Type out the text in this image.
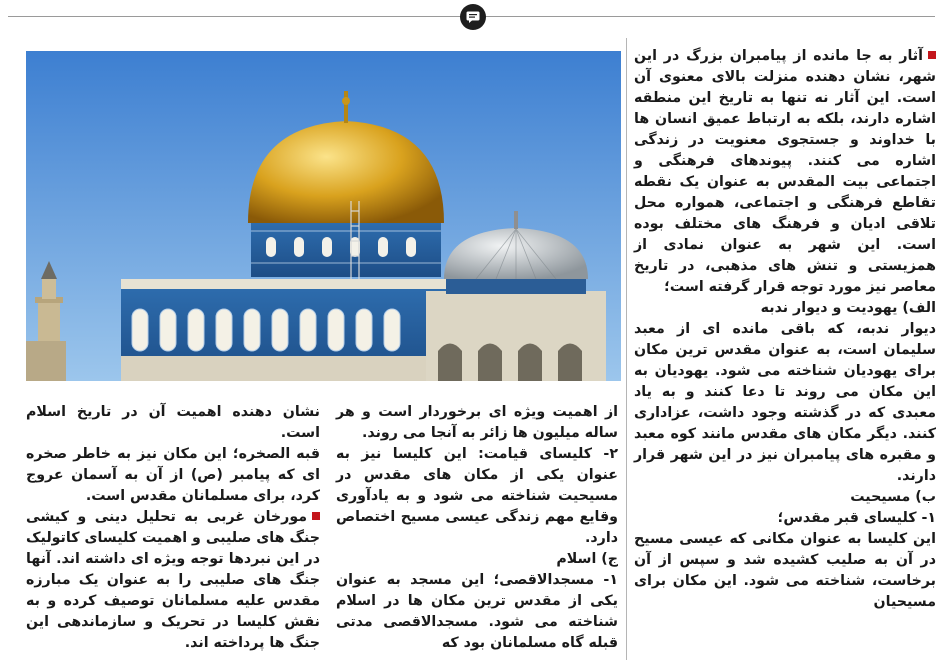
آثار به جا مانده از پیامبران بزرگ در این شهر، نشان دهنده منزلت بالای معنوی آن است. این آثار نه تنها به تاریخ این منطقه اشاره دارند، بلکه به ارتباط عمیق انسان ها با خداوند و جستجوی معنویت در زندگی اشاره می کنند. پیوندهای فرهنگی و اجتماعی بیت المقدس به عنوان یک نقطه تقاطع فرهنگی و اجتماعی، همواره محل تلاقی ادیان و فرهنگ های مختلف بوده است. این شهر به عنوان نمادی از همزیستی و تنش های مذهبی، در تاریخ معاصر نیز مورد توجه قرار گرفته است؛

الف) یهودیت و دیوار ندبه

دیوار ندبه، که باقی مانده ای از معبد سلیمان است، به عنوان مقدس ترین مکان برای یهودیان شناخته می شود. یهودیان به این مکان می روند تا دعا کنند و به یاد معبدی که در گذشته وجود داشت، عزاداری کنند. دیگر مکان های مقدس مانند کوه معبد و مقبره های پیامبران نیز در این شهر قرار دارند.

ب) مسیحیت

۱- کلیسای قبر مقدس؛

این کلیسا به عنوان مکانی که عیسی مسیح در آن به صلیب کشیده شد و سپس از آن برخاست، شناخته می شود. این مکان برای مسیحیان

از اهمیت ویژه ای برخوردار است و هر ساله میلیون ها زائر به آنجا می روند.

۲- کلیسای قیامت: این کلیسا نیز به عنوان یکی از مکان های مقدس در مسیحیت شناخته می شود و به یادآوری وقایع مهم زندگی عیسی مسیح اختصاص دارد.

ج) اسلام

۱- مسجدالاقصی؛ این مسجد به عنوان یکی از مقدس ترین مکان ها در اسلام شناخته می شود. مسجدالاقصی مدتی قبله گاه مسلمانان بود که

نشان دهنده اهمیت آن در تاریخ اسلام است.

قبه الصخره؛ این مکان نیز به خاطر صخره ای که پیامبر (ص) از آن به آسمان عروج کرد، برای مسلمانان مقدس است.

مورخان غربی به تحلیل دینی و کیشی جنگ های صلیبی و اهمیت کلیسای کاتولیک در این نبردها توجه ویژه ای داشته اند. آنها جنگ های صلیبی را به عنوان یک مبارزه مقدس علیه مسلمانان توصیف کرده و به نقش کلیسا در تحریک و سازماندهی این جنگ ها پرداخته اند.
